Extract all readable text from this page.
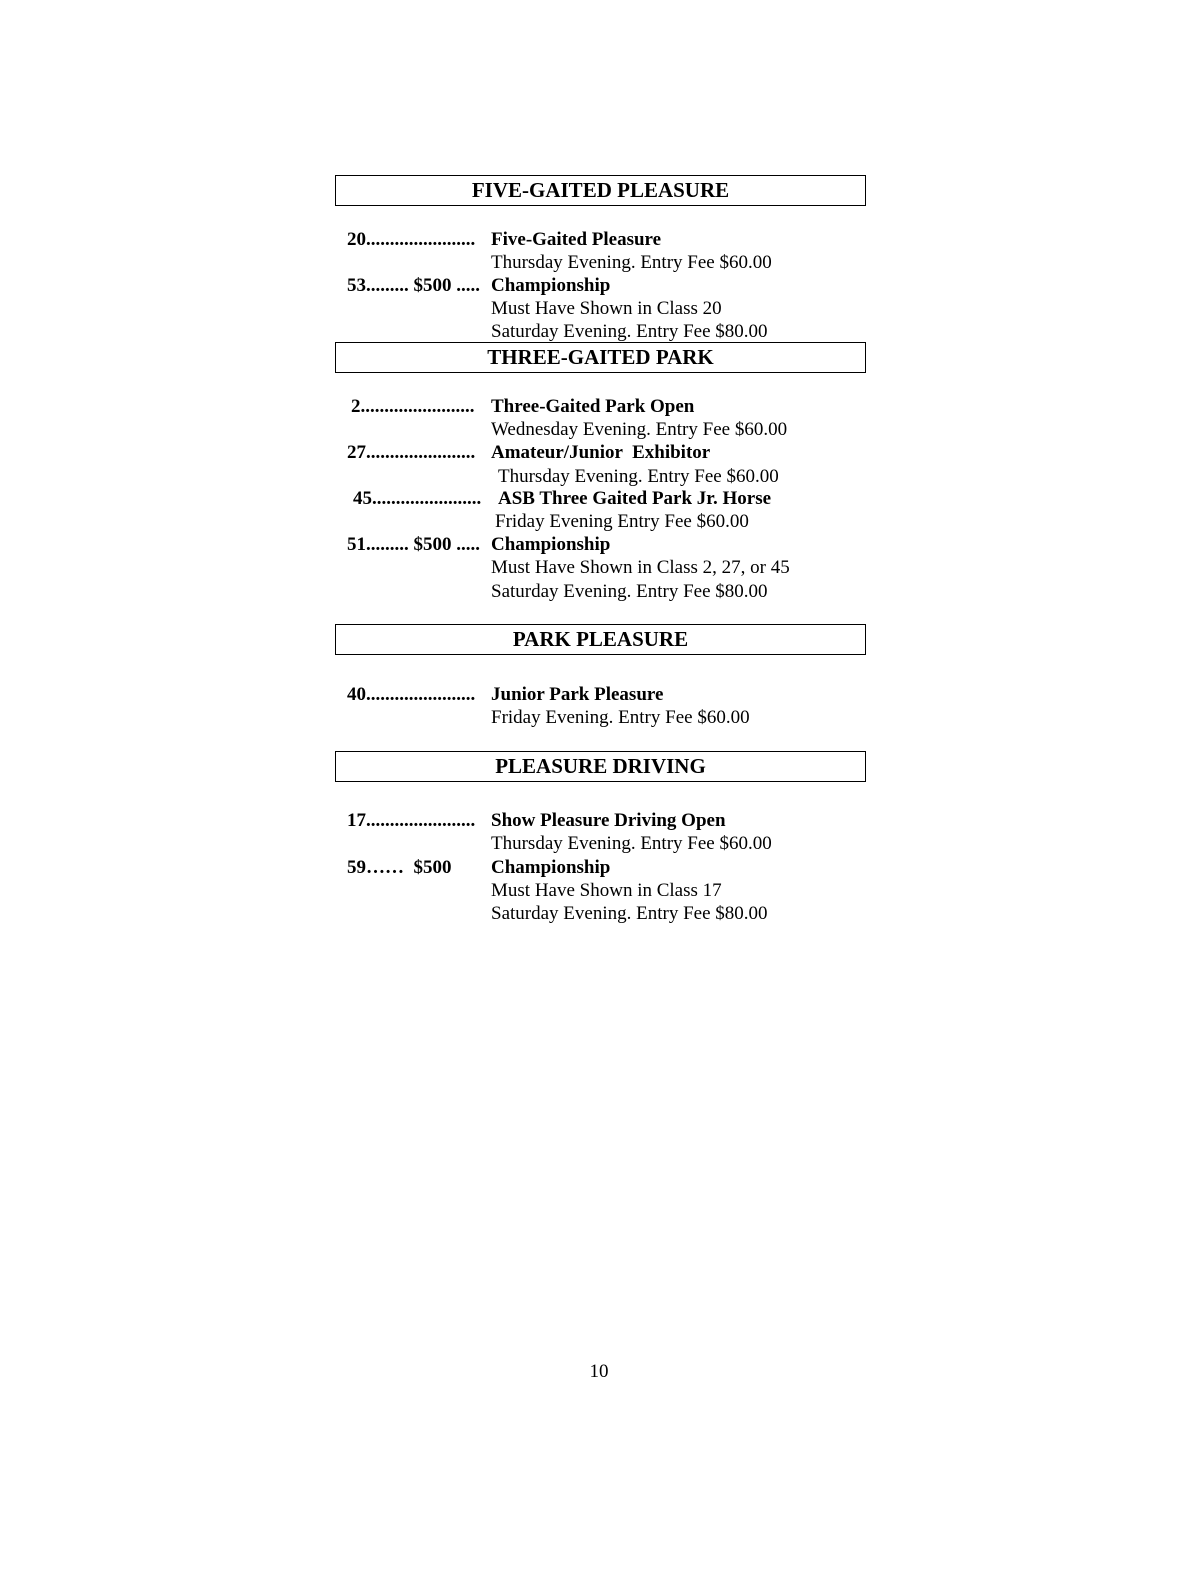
FIVE-GAITED PLEASURE
20....................... Five-Gaited Pleasure
Thursday Evening. Entry Fee $60.00
53......... $500 ..... Championship
Must Have Shown in Class 20
Saturday Evening. Entry Fee $80.00
THREE-GAITED PARK
2........................ Three-Gaited Park Open
Wednesday Evening. Entry Fee $60.00
27....................... Amateur/Junior  Exhibitor
Thursday Evening. Entry Fee $60.00
45....................... ASB Three Gaited Park Jr. Horse
Friday Evening Entry Fee $60.00
51......... $500 ..... Championship
Must Have Shown in Class 2, 27, or 45
Saturday Evening. Entry Fee $80.00
PARK PLEASURE
40....................... Junior Park Pleasure
Friday Evening. Entry Fee $60.00
PLEASURE DRIVING
17....................... Show Pleasure Driving Open
Thursday Evening. Entry Fee $60.00
59……  $500 Championship
Must Have Shown in Class 17
Saturday Evening. Entry Fee $80.00
10
